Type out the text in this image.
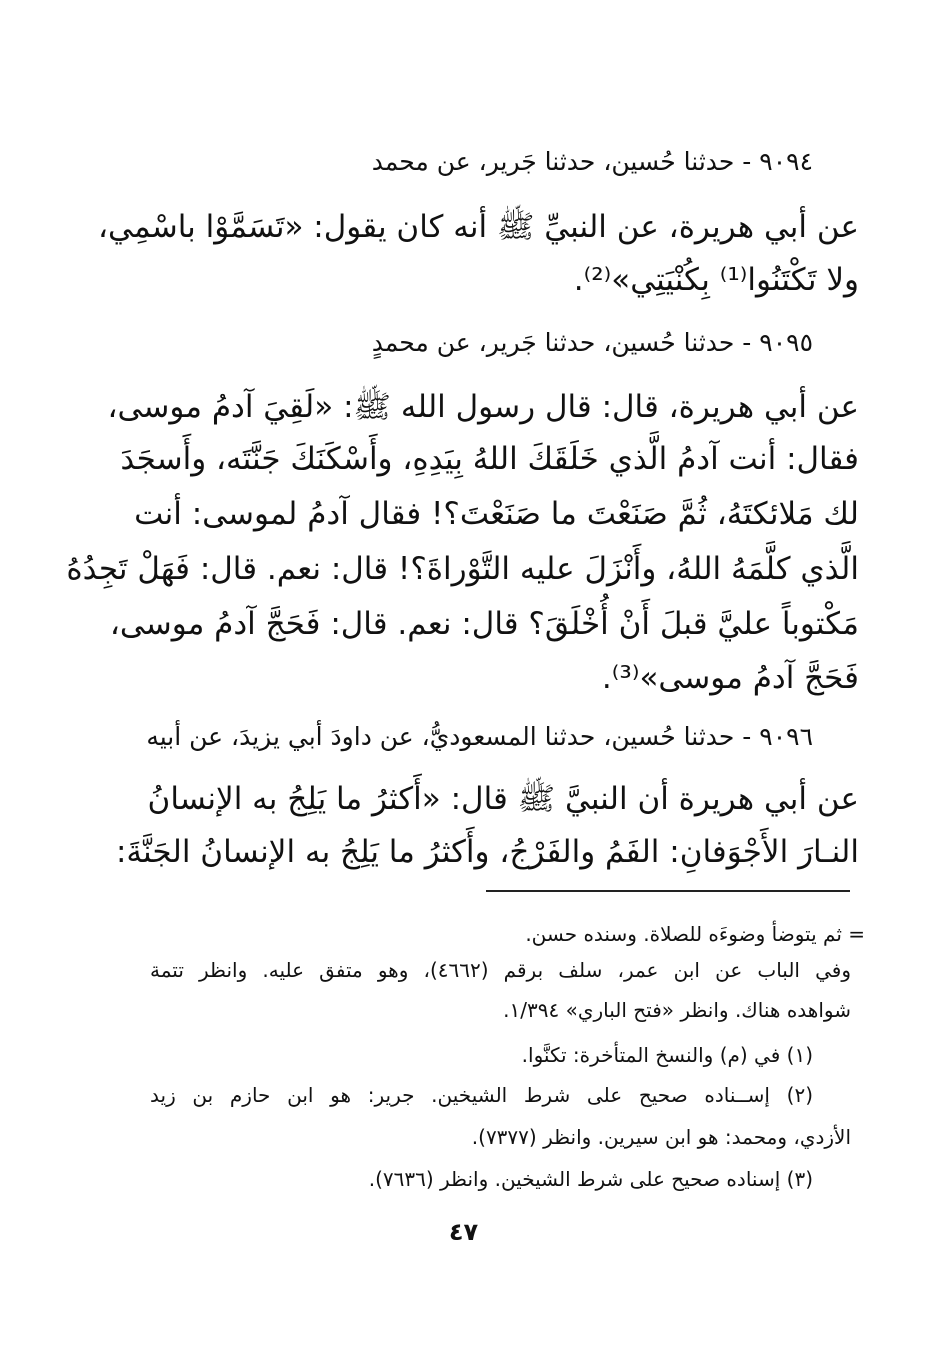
٩٠٩٤ - حدثنا حُسين، حدثنا جَرير، عن محمد
عن أبي هريرة، عن النبيِّ ﷺ أنه كان يقول: «تَسَمَّوْا باسْمِي،
ولا تَكْتَنُوا⁽¹⁾ بِكُنْيَتِي»⁽²⁾.
٩٠٩٥ - حدثنا حُسين، حدثنا جَرير، عن محمدٍ
عن أبي هريرة، قال: قال رسول الله ﷺ: «لَقِيَ آدمُ موسى،
فقال: أنت آدمُ الَّذي خَلَقَكَ اللهُ بِيَدِهِ، وأَسْكَنَكَ جَنَّتَه، وأَسجَدَ
لك مَلائكتَهُ، ثُمَّ صَنَعْتَ ما صَنَعْتَ؟! فقال آدمُ لموسى: أنت
الَّذي كلَّمَهُ اللهُ، وأَنْزَلَ عليه التَّوْراةَ؟! قال: نعم. قال: فَهَلْ تَجِدُهُ
مَكْتوباً عليَّ قبلَ أَنْ أُخْلَقَ؟ قال: نعم. قال: فَحَجَّ آدمُ موسى،
فَحَجَّ آدمُ موسى»⁽³⁾.
٩٠٩٦ - حدثنا حُسين، حدثنا المسعوديُّ، عن داودَ أبي يزيدَ، عن أبيه
عن أبي هريرة أن النبيَّ ﷺ قال: «أَكثرُ ما يَلِجُ به الإنسانُ
النـارَ الأَجْوَفانِ: الفَمُ والفَرْجُ، وأَكثرُ ما يَلِجُ به الإنسانُ الجَنَّةَ:
= ثم يتوضأ وضوءَه للصلاة. وسنده حسن.
وفي الباب عن ابن عمر، سلف برقم (٤٦٦٢)، وهو متفق عليه. وانظر تتمة
شواهده هناك. وانظر «فتح الباري» ١/٣٩٤.
(١) في (م) والنسخ المتأخرة: تكنَّوا.
(٢) إســناده صحيح على شرط الشيخين. جرير: هو ابن حازم بن زيد
الأزدي، ومحمد: هو ابن سيرين. وانظر (٧٣٧٧).
(٣) إسناده صحيح على شرط الشيخين. وانظر (٧٦٣٦).
٤٧
